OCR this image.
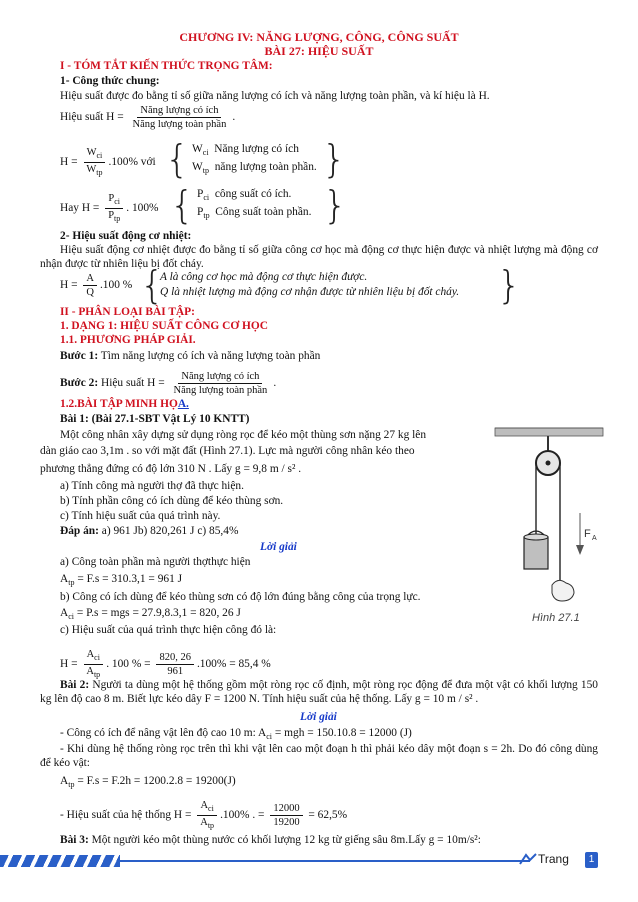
CHƯƠNG IV: NĂNG LƯỢNG, CÔNG, CÔNG SUẤT
BÀI 27: HIỆU SUẤT
I - TÓM TẮT KIẾN THỨC TRỌNG TÂM:
1- Công thức chung:
Hiệu suất được đo bằng tỉ số giữa năng lượng có ích và năng lượng toàn phần, và kí hiệu là H.
Hiệu suất $H = \frac{\text{Năng lượng có ích}}{\text{Năng lượng toàn phần}}$ .
$H = \frac{W_{ci}}{W_{tp}} .100\%$ với { $W_{ci}$ Năng lượng có ích
$W_{tp}$ năng lượng toàn phần. }
Hay $H = \frac{P_{ci}}{P_{tp}}$ . 100% { $P_{ci}$ công suất có ích.
$P_{tp}$ Công suất toàn phần. }
2- Hiệu suất động cơ nhiệt:
Hiệu suất động cơ nhiệt được đo bằng tỉ số giữa công cơ học mà động cơ thực hiện được và nhiệt lượng mà động cơ nhận được từ nhiên liệu bị đốt cháy.
$H = \frac{A}{Q} .100$ % {
A là công cơ học mà động cơ thực hiện được.
Q là nhiệt lượng mà động cơ nhận được từ nhiên liệu bị đốt cháy. }
II - PHÂN LOẠI BÀI TẬP:
1. DẠNG 1: HIỆU SUẤT CÔNG CƠ HỌC
1.1. PHƯƠNG PHÁP GIẢI.
Bước 1: Tìm năng lượng có ích và năng lượng toàn phần
Bước 2: Hiệu suất $H = \frac{\text{Năng lượng có ích}}{\text{Năng lượng toàn phần}}$ .
1.2.BÀI TẬP MINH HỌA.
Bài 1: (Bài 27.1-SBT Vật Lý 10 KNTT)
Một công nhân xây dựng sử dụng ròng rọc để kéo một thùng sơn nặng 27 kg lên
dàn giáo cao 3,1m . so với mặt đất (Hình 27.1). Lực mà người công nhân kéo theo
phương thẳng đứng có độ lớn 310 N . Lấy g = 9,8 m / s² .
a) Tính công mà người thợ đã thực hiện.
b) Tính phần công có ích dùng để kéo thùng sơn.
c) Tính hiệu suất của quá trình này.
Đáp án: a) 961 Jb) 820,261 J c) 85,4%
Lời giải
a) Công toàn phần mà người thợthực hiện
$A_{tp} = F.s = 310.3,1 = 961$ J
b) Công có ích dùng để kéo thùng sơn có độ lớn đúng bằng công của trọng lực.
$A_{ci} = P.s$ = mgs = 27.9,8.3,1 = 820, 26 J
c) Hiệu suất của quá trình thực hiện công đó là:
$H = \frac{A_{ci}}{A_{tp}}$ . 100 % = $\frac{820, 26}{961} .100\% = 85,4$ %
F A
Hình 27.1
Bài 2: Người ta dùng một hệ thống gồm một ròng rọc cố định, một ròng rọc động để đưa một vật có khối lượng 150 kg lên độ cao 8 m. Biết lực kéo dây F = 1200 N. Tính hiệu suất của hệ thống. Lấy g = 10 m / s² .
Lời giải
- Công có ích để nâng vật lên độ cao 10 m: $A_{ci}$ = mgh = 150.10.8 = 12000 (J)
- Khi dùng hệ thống ròng rọc trên thì khi vật lên cao một đoạn h thì phải kéo dây một đoạn s = 2h. Do đó công dùng để kéo vật:
$A_{tp} = F.s = F.2h = 1200.2.8 = 19200(J)$
- Hiệu suất của hệ thống $H = \frac{A_{ci}}{A_{tp}} .100\%$ . = $\frac{12000}{19200} = 62,5\%$
Bài 3: Một người kéo một thùng nước có khối lượng 12 kg từ giếng sâu 8m.Lấy g = 10m/s²:
Trang	1
